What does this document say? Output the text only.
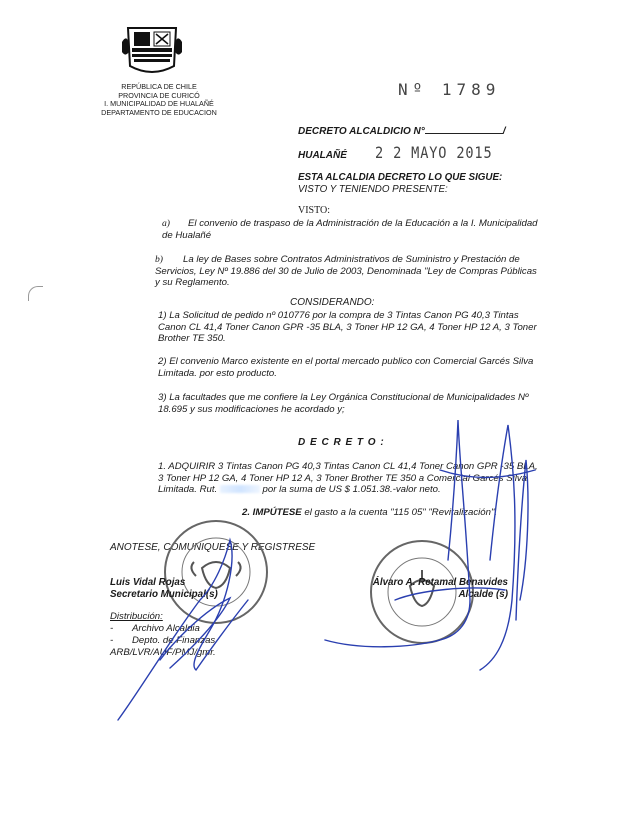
REPÚBLICA DE CHILE
PROVINCIA DE CURICÓ
I. MUNICIPALIDAD DE HUALAÑÉ
DEPARTAMENTO DE EDUCACION
Nº 1789
DECRETO ALCALDICIO N°	/
HUALAÑÉ 2 2 MAYO 2015
ESTA ALCALDIA DECRETO LO QUE SIGUE:
VISTO Y TENIENDO PRESENTE:
VISTO:
a) El convenio de traspaso de la Administración de la Educación a la I. Municipalidad de Hualañé
b) La ley de Bases sobre Contratos Administrativos de Suministro y Prestación de Servicios, Ley Nº 19.886 del 30 de Julio de 2003, Denominada "Ley de Compras Públicas y su Reglamento.
CONSIDERANDO:
1) La Solicitud de pedido nº 010776 por la compra de 3 Tintas Canon PG 40,3 Tintas Canon CL 41,4 Toner Canon GPR -35 BLA, 3 Toner HP 12 GA, 4 Toner HP 12 A, 3 Toner Brother TE 350.
2) El convenio Marco existente en el portal mercado publico con Comercial Garcés Silva Limitada. por esto producto.
3) La facultades que me confiere la Ley Orgánica Constitucional de Municipalidades Nº 18.695 y sus modificaciones he acordado y;
D E C R E T O :
1. ADQUIRIR 3 Tintas Canon PG 40,3 Tintas Canon CL 41,4 Toner Canon GPR -35 BLA, 3 Toner HP 12 GA, 4 Toner HP 12 A, 3 Toner Brother TE 350 a Comercial Garcés Silva Limitada. Rut.	por la suma de US $ 1.051.38.-valor neto.
2. IMPÚTESE el gasto a la cuenta "115 05" "Revitalización".
ANOTESE, COMUNIQUESE Y REGISTRESE
Luis Vidal Rojas
Secretario Municipal(s)
Álvaro A. Retamal Benavides
Alcalde (s)
Distribución:
- Archivo Alcaldia
- Depto. de Finanzas
ARB/LVR/AUF/PMJ/gmr.
